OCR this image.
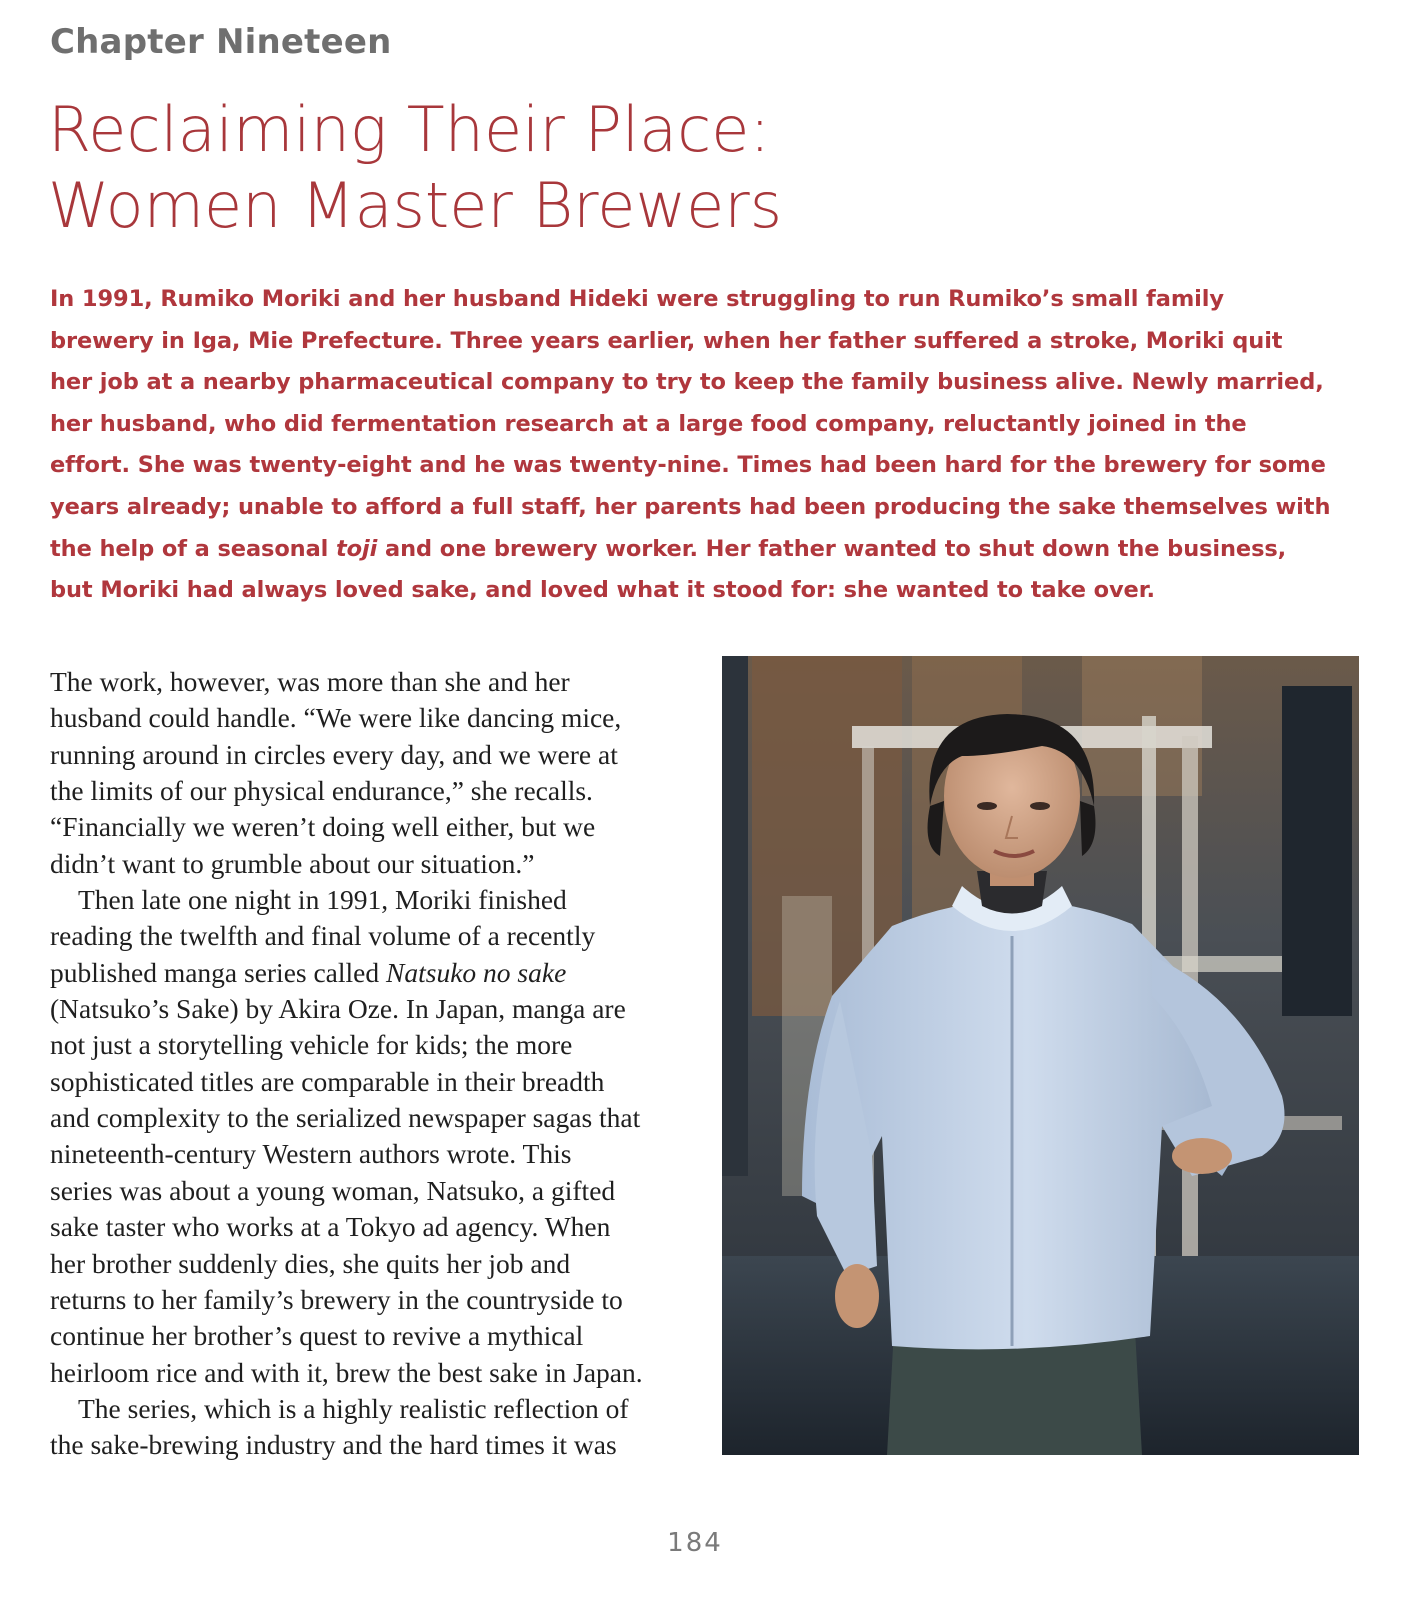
Chapter Nineteen

Reclaiming Their Place:
Women Master Brewers

In 1991, Rumiko Moriki and her husband Hideki were struggling to run Rumiko’s small family
brewery in Iga, Mie Prefecture. Three years earlier, when her father suffered a stroke, Moriki quit
her job at a nearby pharmaceutical company to try to keep the family business alive. Newly married,
her husband, who did fermentation research at a large food company, reluctantly joined in the
effort. She was twenty-eight and he was twenty-nine. Times had been hard for the brewery for some
years already; unable to afford a full staff, her parents had been producing the sake themselves with
the help of a seasonal toji and one brewery worker. Her father wanted to shut down the business,
but Moriki had always loved sake, and loved what it stood for: she wanted to take over.

The work, however, was more than she and her
husband could handle. “We were like dancing mice,
running around in circles every day, and we were at
the limits of our physical endurance,” she recalls.
“Financially we weren’t doing well either, but we
didn’t want to grumble about our situation.”
Then late one night in 1991, Moriki finished
reading the twelfth and final volume of a recently
published manga series called Natsuko no sake
(Natsuko’s Sake) by Akira Oze. In Japan, manga are
not just a storytelling vehicle for kids; the more
sophisticated titles are comparable in their breadth
and complexity to the serialized newspaper sagas that
nineteenth-century Western authors wrote. This
series was about a young woman, Natsuko, a gifted
sake taster who works at a Tokyo ad agency. When
her brother suddenly dies, she quits her job and
returns to her family’s brewery in the countryside to
continue her brother’s quest to revive a mythical
heirloom rice and with it, brew the best sake in Japan.
The series, which is a highly realistic reflection of
the sake-brewing industry and the hard times it was

184
